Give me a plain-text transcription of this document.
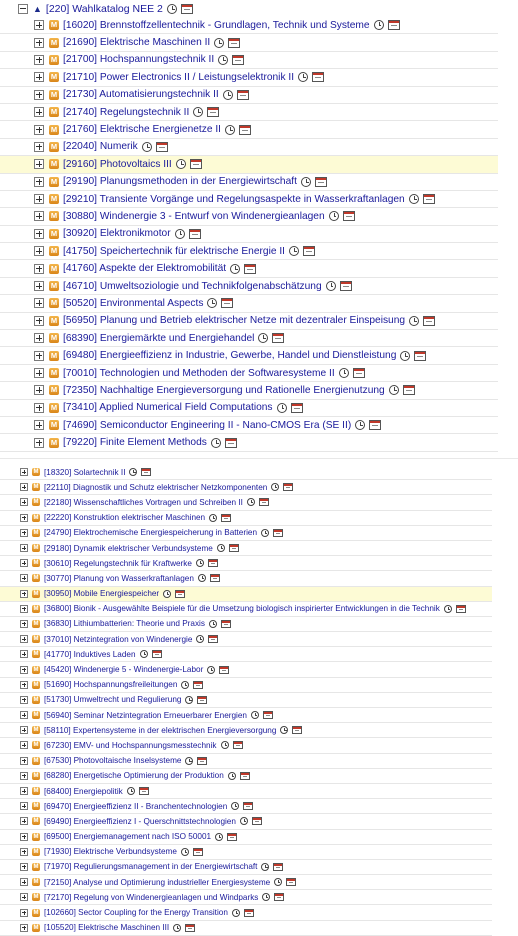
▲ [220] Wahlkatalog NEE 2
M [16020] Brennstoffzellentechnik - Grundlagen, Technik und Systeme
M [21690] Elektrische Maschinen II
M [21700] Hochspannungstechnik II
M [21710] Power Electronics II / Leistungselektronik II
M [21730] Automatisierungstechnik II
M [21740] Regelungstechnik II
M [21760] Elektrische Energienetze II
M [22040] Numerik
M [29160] Photovoltaics III
M [29190] Planungsmethoden in der Energiewirtschaft
M [29210] Transiente Vorgänge und Regelungsaspekte in Wasserkraftanlagen
M [30880] Windenergie 3 - Entwurf von Windenergieanlagen
M [30920] Elektronikmotor
M [41750] Speichertechnik für elektrische Energie II
M [41760] Aspekte der Elektromobilität
M [46710] Umweltsoziologie und Technikfolgenabschätzung
M [50520] Environmental Aspects
M [56950] Planung und Betrieb elektrischer Netze mit dezentraler Einspeisung
M [68390] Energiemärkte und Energiehandel
M [69480] Energieeffizienz in Industrie, Gewerbe, Handel und Dienstleistung
M [70010] Technologien und Methoden der Softwaresysteme II
M [72350] Nachhaltige Energieversorgung und Rationelle Energienutzung
M [73410] Applied Numerical Field Computations
M [74690] Semiconductor Engineering II - Nano-CMOS Era (SE II)
M [79220] Finite Element Methods
M [18320] Solartechnik II
M [22110] Diagnostik und Schutz elektrischer Netzkomponenten
M [22180] Wissenschaftliches Vortragen und Schreiben II
M [22220] Konstruktion elektrischer Maschinen
M [24790] Elektrochemische Energiespeicherung in Batterien
M [29180] Dynamik elektrischer Verbundsysteme
M [30610] Regelungstechnik für Kraftwerke
M [30770] Planung von Wasserkraftanlagen
M [30950] Mobile Energiespeicher
M [36800] Bionik - Ausgewählte Beispiele für die Umsetzung biologisch inspirierter Entwicklungen in die Technik
M [36830] Lithiumbatterien: Theorie und Praxis
M [37010] Netzintegration von Windenergie
M [41770] Induktives Laden
M [45420] Windenergie 5 - Windenergie-Labor
M [51690] Hochspannungsfreileitungen
M [51730] Umweltrecht und Regulierung
M [56940] Seminar Netzintegration Erneuerbarer Energien
M [58110] Expertensysteme in der elektrischen Energieversorgung
M [67230] EMV- und Hochspannungsmesstechnik
M [67530] Photovoltaische Inselsysteme
M [68280] Energetische Optimierung der Produktion
M [68400] Energiepolitik
M [69470] Energieeffizienz II - Branchentechnologien
M [69490] Energieeffizienz I - Querschnittstechnologien
M [69500] Energiemanagement nach ISO 50001
M [71930] Elektrische Verbundsysteme
M [71970] Regulierungsmanagement in der Energiewirtschaft
M [72150] Analyse und Optimierung industrieller Energiesysteme
M [72170] Regelung von Windenergieanlagen und Windparks
M [102660] Sector Coupling for the Energy Transition
M [105520] Elektrische Maschinen III
